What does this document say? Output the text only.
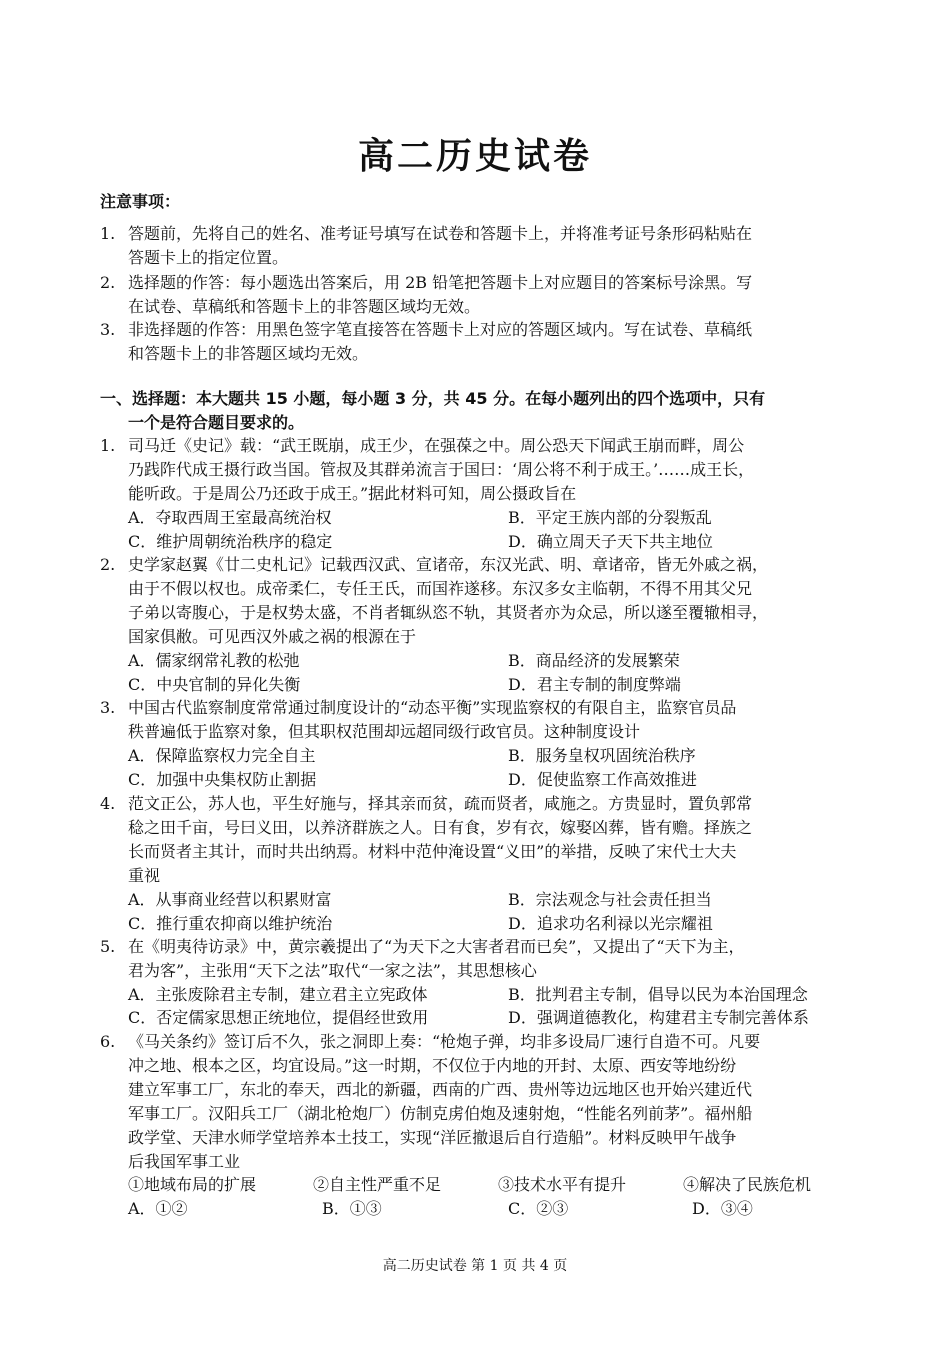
高二历史试卷
注意事项：
1. 答题前，先将自己的姓名、准考证号填写在试卷和答题卡上，并将准考证号条形码粘贴在
答题卡上的指定位置。
2. 选择题的作答：每小题选出答案后，用 2B 铅笔把答题卡上对应题目的答案标号涂黑。写
在试卷、草稿纸和答题卡上的非答题区域均无效。
3. 非选择题的作答：用黑色签字笔直接答在答题卡上对应的答题区域内。写在试卷、草稿纸
和答题卡上的非答题区域均无效。
一、选择题：本大题共 15 小题，每小题 3 分，共 45 分。在每小题列出的四个选项中，只有
一个是符合题目要求的。
1. 司马迁《史记》载：“武王既崩，成王少，在强葆之中。周公恐天下闻武王崩而畔，周公
乃践阼代成王摄行政当国。管叔及其群弟流言于国曰：‘周公将不利于成王。’……成王长，
能听政。于是周公乃还政于成王。”据此材料可知，周公摄政旨在
A．夺取西周王室最高统治权	B．平定王族内部的分裂叛乱
C．维护周朝统治秩序的稳定	D．确立周天子天下共主地位
2. 史学家赵翼《廿二史札记》记载西汉武、宣诸帝，东汉光武、明、章诸帝，皆无外戚之祸，
由于不假以权也。成帝柔仁，专任王氏，而国祚遂移。东汉多女主临朝，不得不用其父兄
子弟以寄腹心，于是权势太盛，不肖者辄纵恣不轨，其贤者亦为众忌，所以遂至覆辙相寻，
国家俱敝。可见西汉外戚之祸的根源在于
A．儒家纲常礼教的松弛	B．商品经济的发展繁荣
C．中央官制的异化失衡	D．君主专制的制度弊端
3. 中国古代监察制度常常通过制度设计的“动态平衡”实现监察权的有限自主，监察官员品
秩普遍低于监察对象，但其职权范围却远超同级行政官员。这种制度设计
A．保障监察权力完全自主	B．服务皇权巩固统治秩序
C．加强中央集权防止割据	D．促使监察工作高效推进
4. 范文正公，苏人也，平生好施与，择其亲而贫，疏而贤者，咸施之。方贵显时，置负郭常
稔之田千亩，号曰义田，以养济群族之人。日有食，岁有衣，嫁娶凶葬，皆有赡。择族之
长而贤者主其计，而时共出纳焉。材料中范仲淹设置“义田”的举措，反映了宋代士大夫
重视
A．从事商业经营以积累财富	B．宗法观念与社会责任担当
C．推行重农抑商以维护统治	D．追求功名利禄以光宗耀祖
5. 在《明夷待访录》中，黄宗羲提出了“为天下之大害者君而已矣”，又提出了“天下为主，
君为客”，主张用“天下之法”取代“一家之法”，其思想核心
A．主张废除君主专制，建立君主立宪政体	B．批判君主专制，倡导以民为本治国理念
C．否定儒家思想正统地位，提倡经世致用	D．强调道德教化，构建君主专制完善体系
6. 《马关条约》签订后不久，张之洞即上奏：“枪炮子弹，均非多设局厂速行自造不可。凡要
冲之地、根本之区，均宜设局。”这一时期，不仅位于内地的开封、太原、西安等地纷纷
建立军事工厂，东北的奉天，西北的新疆，西南的广西、贵州等边远地区也开始兴建近代
军事工厂。汉阳兵工厂（湖北枪炮厂）仿制克虏伯炮及速射炮，“性能名列前茅”。福州船
政学堂、天津水师学堂培养本土技工，实现“洋匠撤退后自行造船”。材料反映甲午战争
后我国军事工业
①地域布局的扩展	②自主性严重不足	③技术水平有提升	④解决了民族危机
A．①②	B．①③	C．②③	D．③④
高二历史试卷 第 1 页 共 4 页
